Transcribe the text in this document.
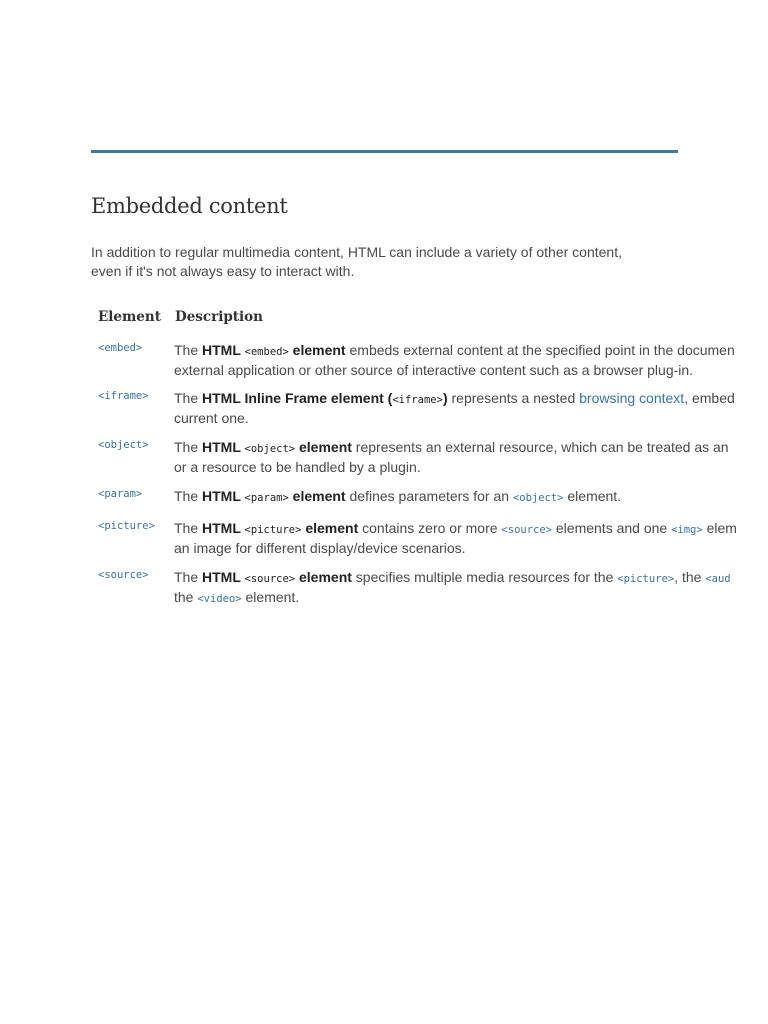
Embedded content

In addition to regular multimedia content, HTML can include a variety of other content,
even if it's not always easy to interact with.

Element Description
<embed>	The HTML <embed> element embeds external content at the specified point in the documen
external application or other source of interactive content such as a browser plug-in.
<iframe>	The HTML Inline Frame element (<iframe>) represents a nested browsing context, embed
current one.
<object>	The HTML <object> element represents an external resource, which can be treated as an
or a resource to be handled by a plugin.
<param>	The HTML <param> element defines parameters for an <object> element.
<picture>	The HTML <picture> element contains zero or more <source> elements and one <img> elem
an image for different display/device scenarios.
<source>	The HTML <source> element specifies multiple media resources for the <picture>, the <aud
the <video> element.
